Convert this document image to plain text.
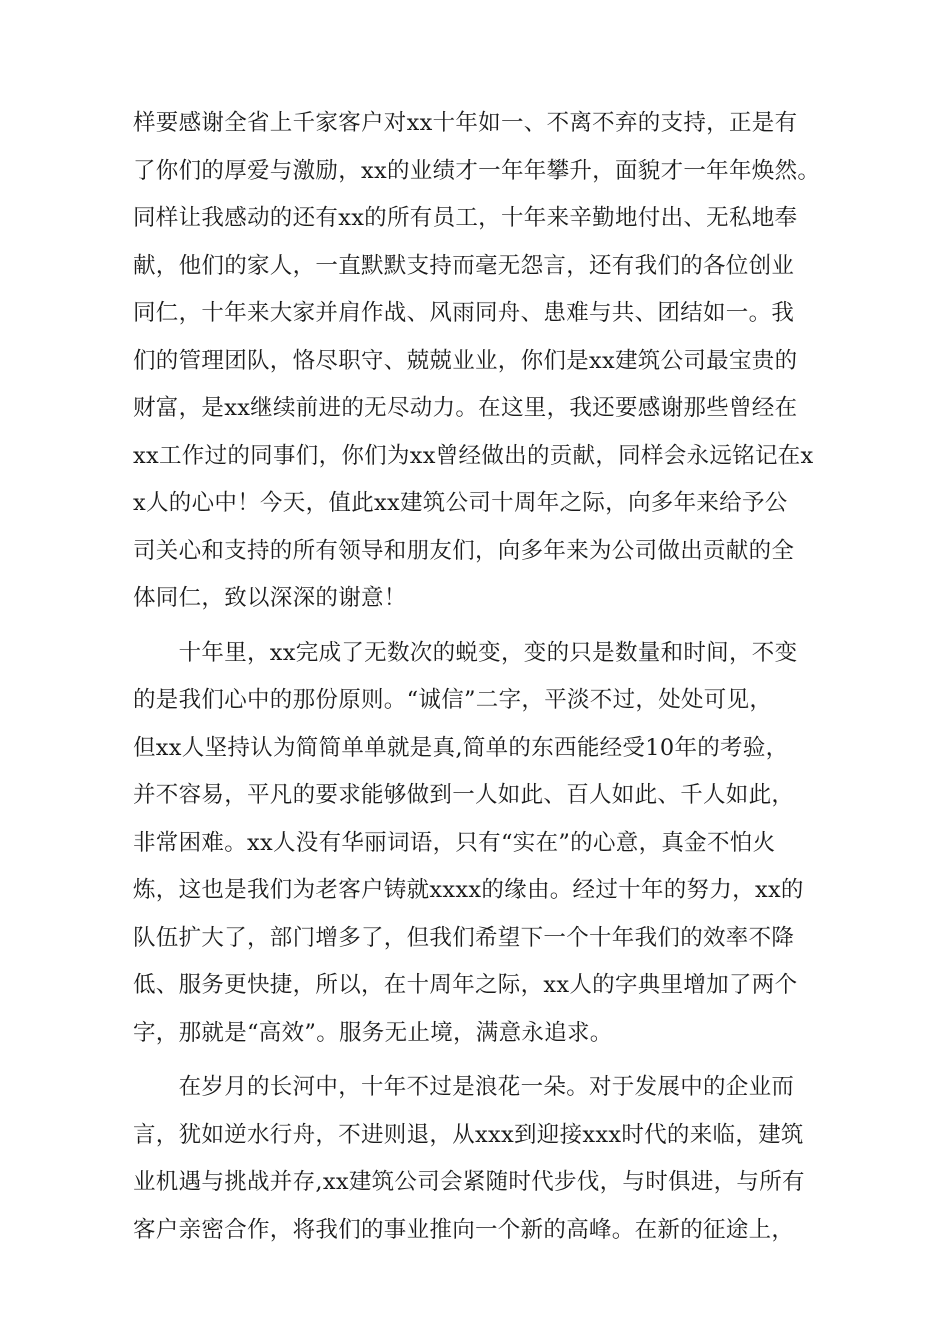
样要感谢全省上千家客户对xx十年如一、不离不弃的支持，正是有
了你们的厚爱与激励，xx的业绩才一年年攀升，面貌才一年年焕然。
同样让我感动的还有xx的所有员工，十年来辛勤地付出、无私地奉
献，他们的家人，一直默默支持而毫无怨言，还有我们的各位创业
同仁，十年来大家并肩作战、风雨同舟、患难与共、团结如一。我
们的管理团队，恪尽职守、兢兢业业，你们是xx建筑公司最宝贵的
财富，是xx继续前进的无尽动力。在这里，我还要感谢那些曾经在
xx工作过的同事们，你们为xx曾经做出的贡献，同样会永远铭记在x
x人的心中！今天，值此xx建筑公司十周年之际，向多年来给予公
司关心和支持的所有领导和朋友们，向多年来为公司做出贡献的全
体同仁，致以深深的谢意！
　　十年里，xx完成了无数次的蜕变，变的只是数量和时间，不变
的是我们心中的那份原则。“诚信”二字，平淡不过，处处可见，
但xx人坚持认为简简单单就是真,简单的东西能经受10年的考验，
并不容易，平凡的要求能够做到一人如此、百人如此、千人如此，
非常困难。xx人没有华丽词语，只有“实在”的心意，真金不怕火
炼，这也是我们为老客户铸就xxxx的缘由。经过十年的努力，xx的
队伍扩大了，部门增多了，但我们希望下一个十年我们的效率不降
低、服务更快捷，所以，在十周年之际，xx人的字典里增加了两个
字，那就是“高效”。服务无止境，满意永追求。
　　在岁月的长河中，十年不过是浪花一朵。对于发展中的企业而
言，犹如逆水行舟，不进则退，从xxx到迎接xxx时代的来临，建筑
业机遇与挑战并存,xx建筑公司会紧随时代步伐，与时俱进，与所有
客户亲密合作，将我们的事业推向一个新的高峰。在新的征途上，
